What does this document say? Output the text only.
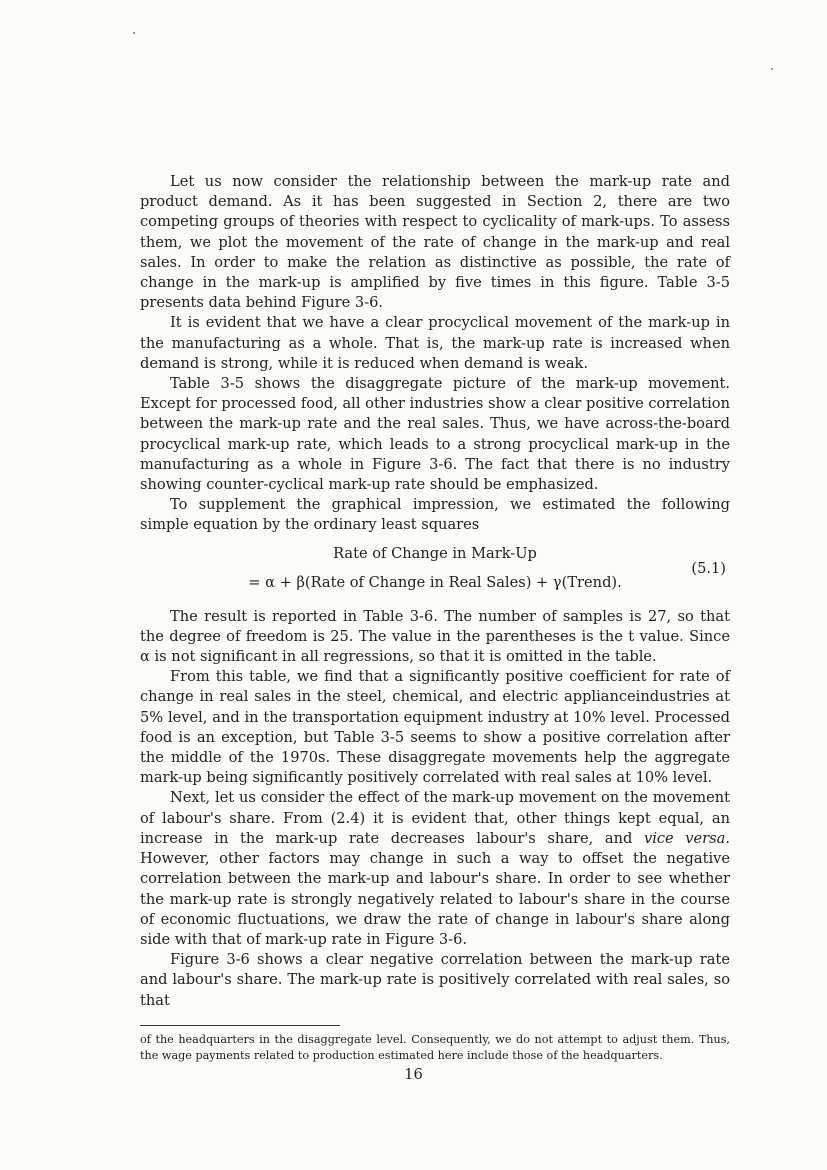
Let us now consider the relationship between the mark-up rate and product demand. As it has been suggested in Section 2, there are two competing groups of theories with respect to cyclicality of mark-ups. To assess them, we plot the movement of the rate of change in the mark-up and real sales. In order to make the relation as distinctive as possible, the rate of change in the mark-up is amplified by five times in this figure. Table 3-5 presents data behind Figure 3-6.

It is evident that we have a clear procyclical movement of the mark-up in the manufacturing as a whole. That is, the mark-up rate is increased when demand is strong, while it is reduced when demand is weak.

Table 3-5 shows the disaggregate picture of the mark-up movement. Except for processed food, all other industries show a clear positive correlation between the mark-up rate and the real sales. Thus, we have across-the-board procyclical mark-up rate, which leads to a strong procyclical mark-up in the manufacturing as a whole in Figure 3-6. The fact that there is no industry showing counter-cyclical mark-up rate should be emphasized.

To supplement the graphical impression, we estimated the following simple equation by the ordinary least squares

Rate of Change in Mark-Up
= α + β(Rate of Change in Real Sales) + γ(Trend).
(5.1)

The result is reported in Table 3-6. The number of samples is 27, so that the degree of freedom is 25. The value in the parentheses is the t value. Since α is not significant in all regressions, so that it is omitted in the table.

From this table, we find that a significantly positive coefficient for rate of change in real sales in the steel, chemical, and electric applianceindustries at 5% level, and in the transportation equipment industry at 10% level. Processed food is an exception, but Table 3-5 seems to show a positive correlation after the middle of the 1970s. These disaggregate movements help the aggregate mark-up being significantly positively correlated with real sales at 10% level.

Next, let us consider the effect of the mark-up movement on the movement of labour's share. From (2.4) it is evident that, other things kept equal, an increase in the mark-up rate decreases labour's share, and vice versa. However, other factors may change in such a way to offset the negative correlation between the mark-up and labour's share. In order to see whether the mark-up rate is strongly negatively related to labour's share in the course of economic fluctuations, we draw the rate of change in labour's share along side with that of mark-up rate in Figure 3-6.

Figure 3-6 shows a clear negative correlation between the mark-up rate and labour's share. The mark-up rate is positively correlated with real sales, so that

of the headquarters in the disaggregate level. Consequently, we do not attempt to adjust them. Thus, the wage payments related to production estimated here include those of the headquarters.

16
